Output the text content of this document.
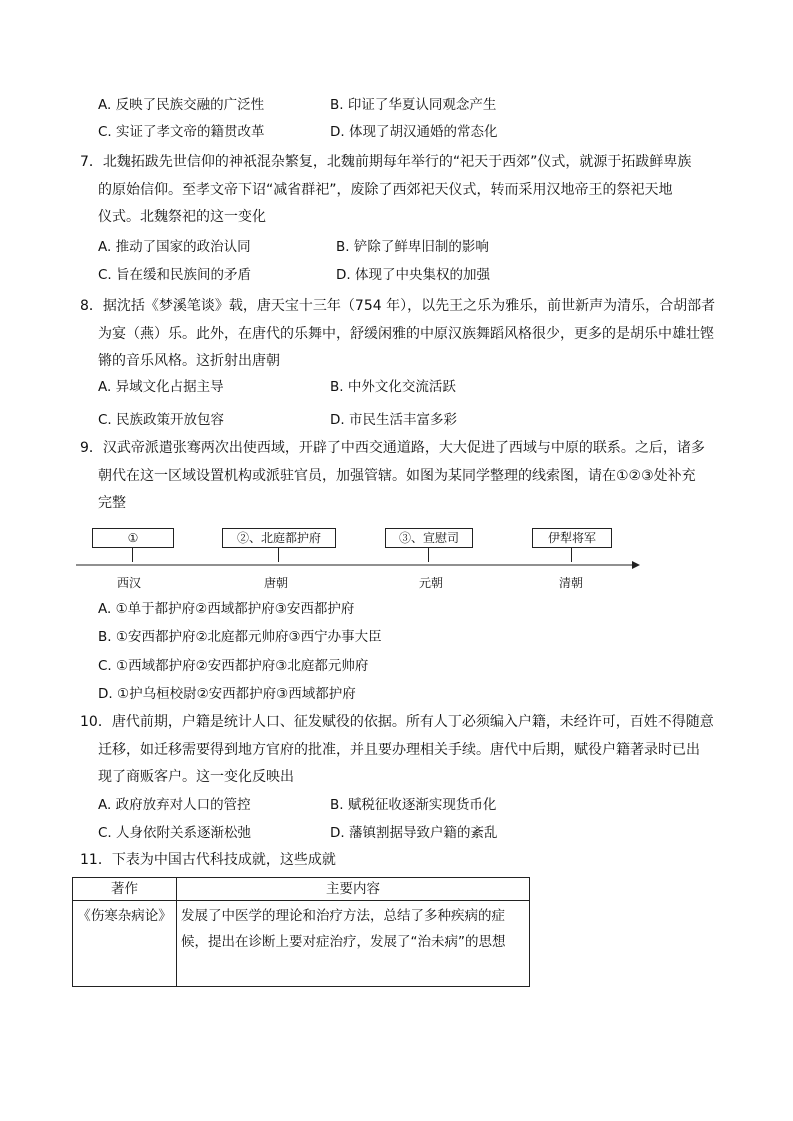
A. 反映了民族交融的广泛性	B. 印证了华夏认同观念产生
C. 实证了孝文帝的籍贯改革	D. 体现了胡汉通婚的常态化
7．北魏拓跋先世信仰的神祇混杂繁复，北魏前期每年举行的“祀天于西郊”仪式，就源于拓跋鲜卑族
的原始信仰。至孝文帝下诏“减省群祀”，废除了西郊祀天仪式，转而采用汉地帝王的祭祀天地
仪式。北魏祭祀的这一变化
A. 推动了国家的政治认同	B. 铲除了鲜卑旧制的影响
C. 旨在缓和民族间的矛盾	D. 体现了中央集权的加强
8．据沈括《梦溪笔谈》载，唐天宝十三年（754 年），以先王之乐为雅乐，前世新声为清乐，合胡部者
为宴（燕）乐。此外，在唐代的乐舞中，舒缓闲雅的中原汉族舞蹈风格很少，更多的是胡乐中雄壮铿
锵的音乐风格。这折射出唐朝
A. 异域文化占据主导	B. 中外文化交流活跃
C. 民族政策开放包容	D. 市民生活丰富多彩
9．汉武帝派遣张骞两次出使西域，开辟了中西交通道路，大大促进了西域与中原的联系。之后，诸多
朝代在这一区域设置机构或派驻官员，加强管辖。如图为某同学整理的线索图，请在①②③处补充
完整
①	②、北庭都护府	③、宣慰司	伊犁将军
西汉	唐朝	元朝	清朝
A. ①单于都护府②西域都护府③安西都护府
B. ①安西都护府②北庭都元帅府③西宁办事大臣
C. ①西域都护府②安西都护府③北庭都元帅府
D. ①护乌桓校尉②安西都护府③西域都护府
10．唐代前期，户籍是统计人口、征发赋役的依据。所有人丁必须编入户籍，未经许可，百姓不得随意
迁移，如迁移需要得到地方官府的批准，并且要办理相关手续。唐代中后期，赋役户籍著录时已出
现了商贩客户。这一变化反映出
A. 政府放弃对人口的管控	B. 赋税征收逐渐实现货币化
C. 人身依附关系逐渐松弛	D. 藩镇割据导致户籍的紊乱
11．下表为中国古代科技成就，这些成就
著作	主要内容
《伤寒杂病论》	发展了中医学的理论和治疗方法，总结了多种疾病的症候，提出在诊断上要对症治疗，发展了“治未病”的思想
